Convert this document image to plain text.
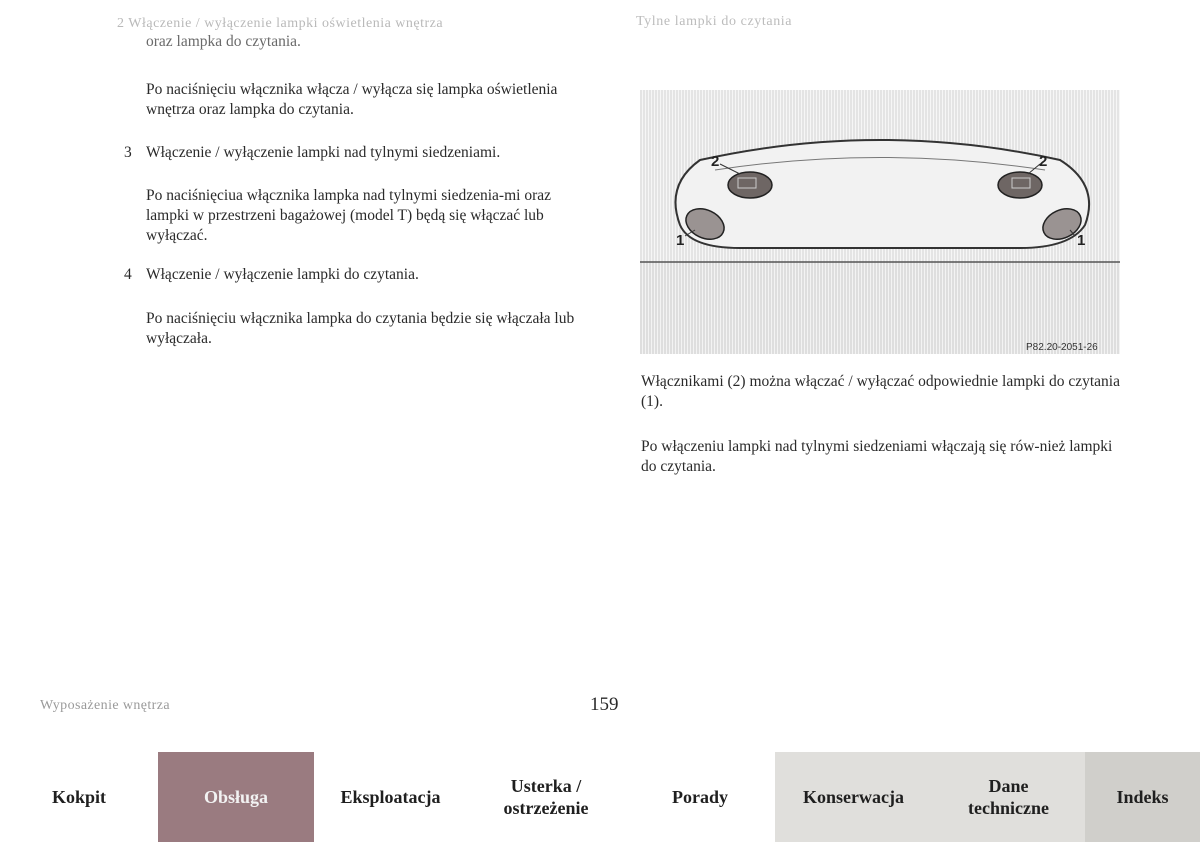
2 Włączenie / wyłączenie lampki oświetlenia wnętrza

oraz lampka do czytania.

Po naciśnięciu włącznika włącza / wyłącza się lampka oświetlenia wnętrza oraz lampka do czytania.

3 Włączenie / wyłączenie lampki nad tylnymi siedzeniami.

Po naciśnięciua włącznika lampka nad tylnymi siedzenia-mi oraz lampki w przestrzeni bagażowej (model T) będą się włączać lub wyłączać.

4 Włączenie / wyłączenie lampki do czytania.

Po naciśnięciu włącznika lampka do czytania będzie się włączała lub wyłączała.

Tylne lampki do czytania
2	2
1	1
P82.20-2051-26

Włącznikami (2) można włączać / wyłączać odpowiednie lampki do czytania (1).

Po włączeniu lampki nad tylnymi siedzeniami włączają się rów-nież lampki do czytania.

Wyposażenie wnętrza	159
Kokpit	Obsługa	Eksploatacja
Usterka /
ostrzeżenie
Porady	Konserwacja
Dane
techniczne
Indeks
